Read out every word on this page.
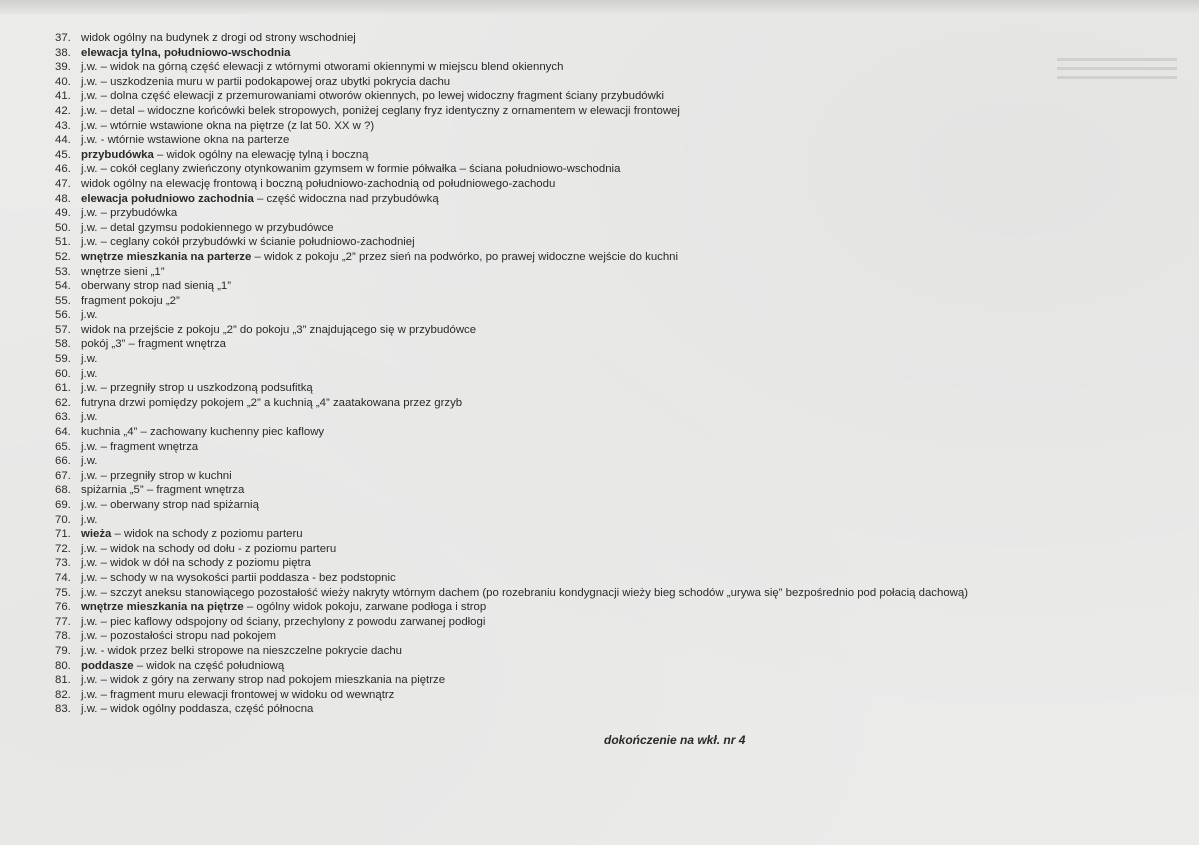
37. widok ogólny na budynek z drogi od strony wschodniej
38. elewacja tylna, południowo-wschodnia
39. j.w. – widok na górną część elewacji z wtórnymi otworami okiennymi w miejscu blend okiennych
40. j.w. – uszkodzenia muru w partii podokapowej oraz ubytki pokrycia dachu
41. j.w. – dolna część elewacji z przemurowaniami otworów okiennych, po lewej widoczny fragment ściany przybudówki
42. j.w. – detal – widoczne końcówki belek stropowych, poniżej ceglany fryz identyczny z ornamentem w elewacji frontowej
43. j.w. – wtórnie wstawione okna na piętrze (z lat 50. XX w ?)
44. j.w. - wtórnie wstawione okna na parterze
45. przybudówka – widok ogólny na elewację tylną i boczną
46. j.w. – cokół ceglany zwieńczony otynkowanim gzymsem w formie półwałka – ściana południowo-wschodnia
47. widok ogólny na elewację frontową i boczną południowo-zachodnią od południowego-zachodu
48. elewacja południowo zachodnia – część widoczna nad przybudówką
49. j.w. – przybudówka
50. j.w. – detal gzymsu podokiennego w przybudówce
51. j.w. – ceglany cokół przybudówki w ścianie południowo-zachodniej
52. wnętrze mieszkania na parterze – widok z pokoju „2” przez sień na podwórko, po prawej widoczne wejście do kuchni
53. wnętrze sieni „1”
54. oberwany strop nad sienią „1”
55. fragment pokoju „2”
56. j.w.
57. widok na przejście z pokoju „2” do pokoju „3” znajdującego się w przybudówce
58. pokój „3” – fragment wnętrza
59. j.w.
60. j.w.
61. j.w. – przegniły strop u uszkodzoną podsufitką
62. futryna drzwi pomiędzy pokojem „2” a kuchnią „4” zaatakowana przez grzyb
63. j.w.
64. kuchnia „4” – zachowany kuchenny piec kaflowy
65. j.w. – fragment wnętrza
66. j.w.
67. j.w. – przegniły strop w kuchni
68. spiżarnia „5” – fragment wnętrza
69. j.w. – oberwany strop nad spiżarnią
70. j.w.
71. wieża – widok na schody z poziomu parteru
72. j.w. – widok na schody od dołu - z poziomu parteru
73. j.w. – widok w dół na schody z poziomu piętra
74. j.w. – schody w na wysokości partii poddasza - bez podstopnic
75. j.w. – szczyt aneksu stanowiącego pozostałość wieży nakryty wtórnym dachem (po rozebraniu kondygnacji wieży bieg schodów „urywa się” bezpośrednio pod połacią dachową)
76. wnętrze mieszkania na piętrze – ogólny widok pokoju, zarwane podłoga i strop
77. j.w. – piec kaflowy odspojony od ściany, przechylony z powodu zarwanej podłogi
78. j.w. – pozostałości stropu nad pokojem
79. j.w. - widok przez belki stropowe na nieszczelne pokrycie dachu
80. poddasze – widok na część południową
81. j.w. – widok z góry na zerwany strop nad pokojem mieszkania na piętrze
82. j.w. – fragment muru elewacji frontowej w widoku od wewnątrz
83. j.w. – widok ogólny poddasza, część północna
dokończenie na wkł. nr 4
